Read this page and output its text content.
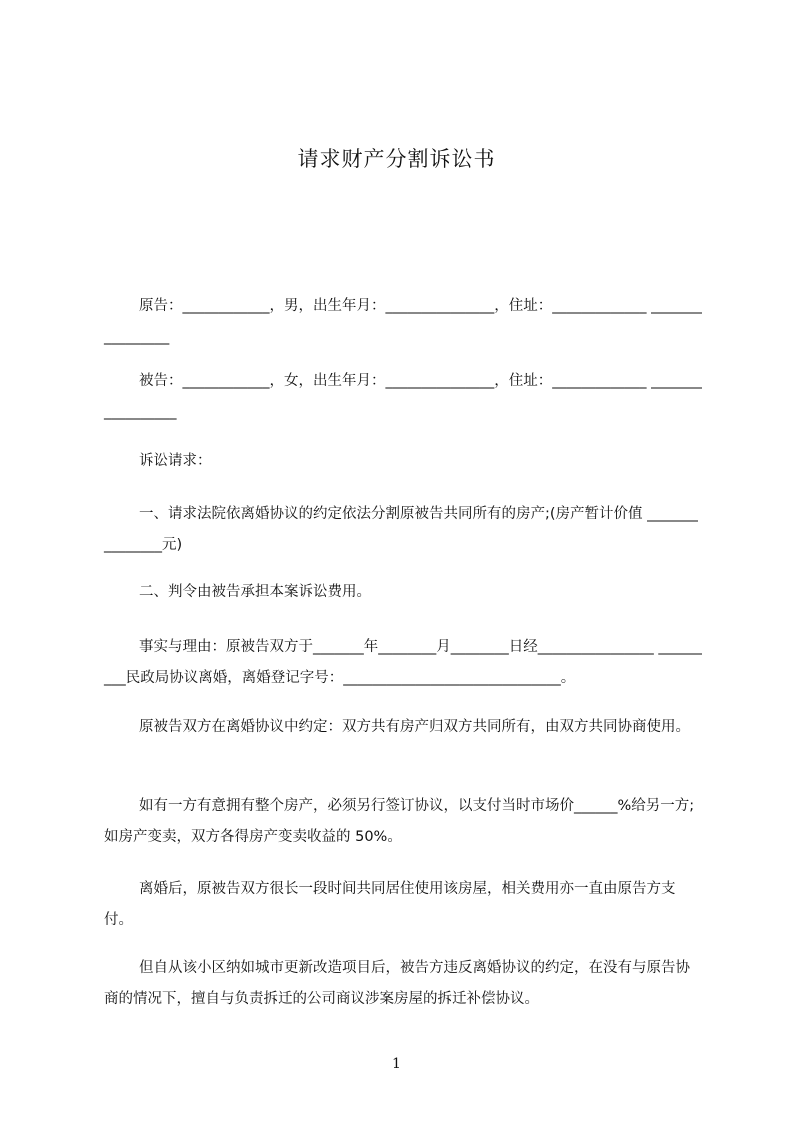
请求财产分割诉讼书
原告：____________，男，出生年月：_______________，住址：_____________ ________________
被告：____________，女，出生年月：_______________，住址：_____________ _________________
诉讼请求：
一、请求法院依离婚协议的约定依法分割原被告共同所有的房产;(房产暂计价值 _______________元)
二、判令由被告承担本案诉讼费用。
事实与理由：原被告双方于_______年________月________日经________________ _________民政局协议离婚，离婚登记字号：______________________________。
原被告双方在离婚协议中约定：双方共有房产归双方共同所有，由双方共同协商使用。
如有一方有意拥有整个房产，必须另行签订协议，以支付当时市场价______%给另一方;如房产变卖，双方各得房产变卖收益的 50%。
离婚后，原被告双方很长一段时间共同居住使用该房屋，相关费用亦一直由原告方支付。
但自从该小区纳如城市更新改造项目后，被告方违反离婚协议的约定，在没有与原告协商的情况下，擅自与负责拆迁的公司商议涉案房屋的拆迁补偿协议。
1
